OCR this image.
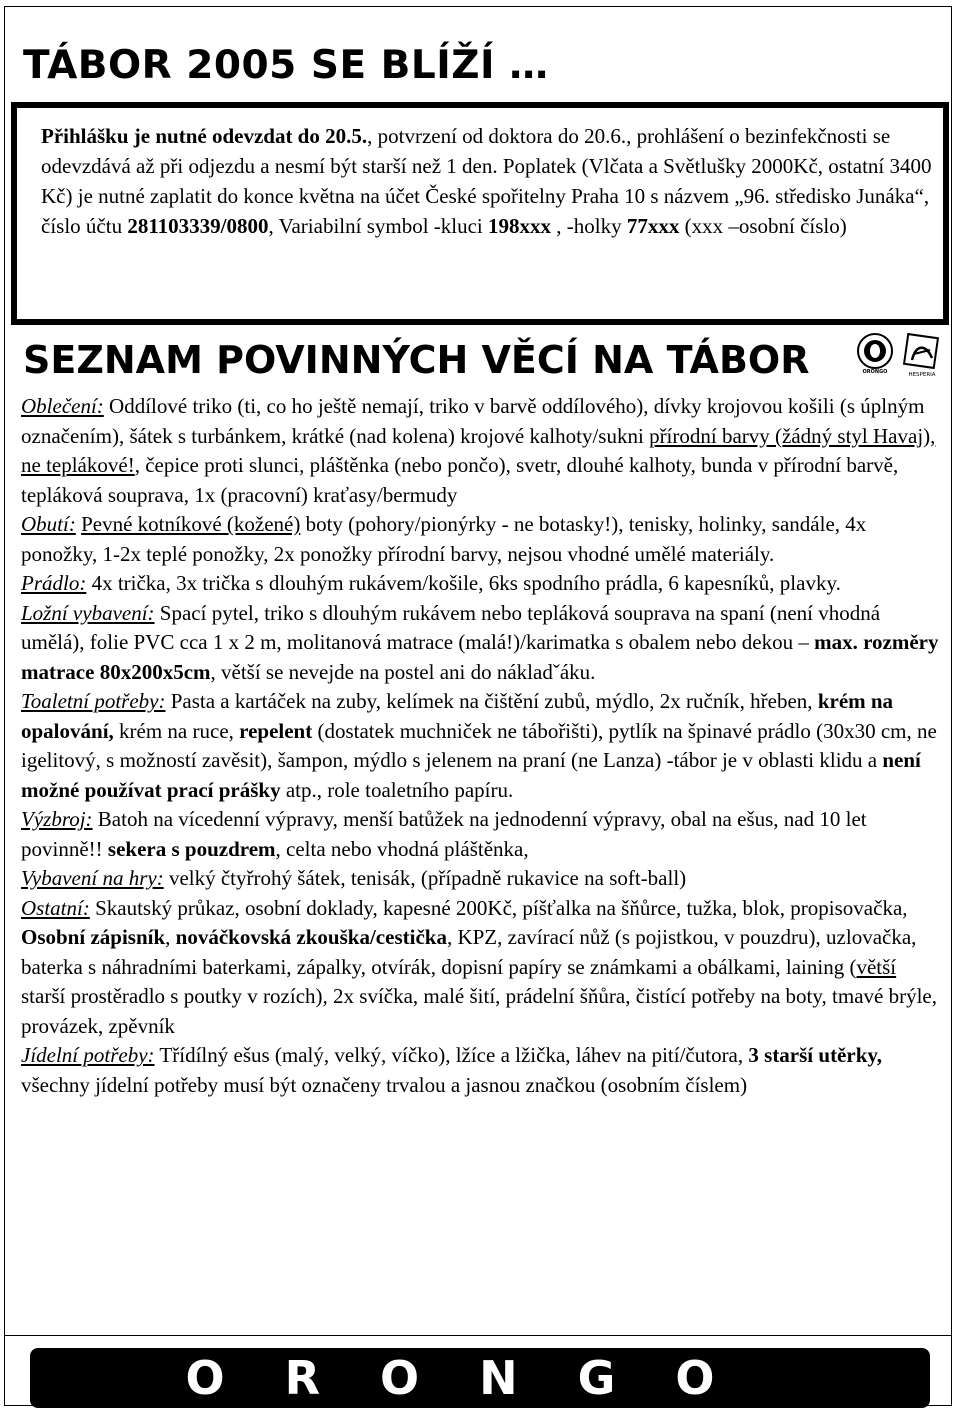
TÁBOR 2005 SE BLÍŽÍ …

Přihlášku je nutné odevzdat do 20.5., potvrzení od doktora do 20.6., prohlášení o bezinfekčnosti se odevzdává až při odjezdu a nesmí být starší než 1 den. Poplatek (Vlčata a Světlušky 2000Kč, ostatní 3400 Kč) je nutné zaplatit do konce května na účet České spořitelny Praha 10 s názvem „96. středisko Junáka“, číslo účtu 281103339/0800, Variabilní symbol -kluci 198xxx , -holky 77xxx (xxx –osobní číslo)

SEZNAM POVINNÝCH VĚCÍ NA TÁBOR	ORONGO	HESPERIA

Oblečení: Oddílové triko (ti, co ho ještě nemají, triko v barvě oddílového), dívky krojovou košili (s úplným označením), šátek s turbánkem, krátké (nad kolena) krojové kalhoty/sukni přírodní barvy (žádný styl Havaj), ne teplákové!, čepice proti slunci, pláštěnka (nebo pončo), svetr, dlouhé kalhoty, bunda v přírodní barvě, tepláková souprava, 1x (pracovní) kraťasy/bermudy

Obutí: Pevné kotníkové (kožené) boty (pohory/pionýrky - ne botasky!), tenisky, holinky, sandále, 4x ponožky, 1-2x teplé ponožky, 2x ponožky přírodní barvy, nejsou vhodné umělé materiály.

Prádlo: 4x trička, 3x trička s dlouhým rukávem/košile, 6ks spodního prádla, 6 kapesníků, plavky.

Ložní vybavení: Spací pytel, triko s dlouhým rukávem nebo tepláková souprava na spaní (není vhodná umělá), folie PVC cca 1 x 2 m, molitanová matrace (malá!)/karimatka s obalem nebo dekou – max. rozměry matrace 80x200x5cm, větší se nevejde na postel ani do nákladˇáku.

Toaletní potřeby: Pasta a kartáček na zuby, kelímek na čištění zubů, mýdlo, 2x ručník, hřeben, krém na opalování, krém na ruce, repelent (dostatek muchniček ne tábořišti), pytlík na špinavé prádlo (30x30 cm, ne igelitový, s možností zavěsit), šampon, mýdlo s jelenem na praní (ne Lanza) -tábor je v oblasti klidu a není možné používat prací prášky atp., role toaletního papíru.

Výzbroj: Batoh na vícedenní výpravy, menší batůžek na jednodenní výpravy, obal na ešus, nad 10 let povinně!! sekera s pouzdrem, celta nebo vhodná pláštěnka,

Vybavení na hry: velký čtyřrohý šátek, tenisák, (případně rukavice na soft-ball)

Ostatní: Skautský průkaz, osobní doklady, kapesné 200Kč, píšťalka na šňůrce, tužka, blok, propisovačka, Osobní zápisník, nováčkovská zkouška/cestička, KPZ, zavírací nůž (s pojistkou, v pouzdru), uzlovačka, baterka s náhradními baterkami, zápalky, otvírák, dopisní papíry se známkami a obálkami, laining (větší starší prostěradlo s poutky v rozích), 2x svíčka, malé šití, prádelní šňůra, čistící potřeby na boty, tmavé brýle, provázek, zpěvník

Jídelní potřeby: Třídílný ešus (malý, velký, víčko), lžíce a lžička, láhev na pití/čutora, 3 starší utěrky, všechny jídelní potřeby musí být označeny trvalou a jasnou značkou (osobním číslem)

ORONGO
